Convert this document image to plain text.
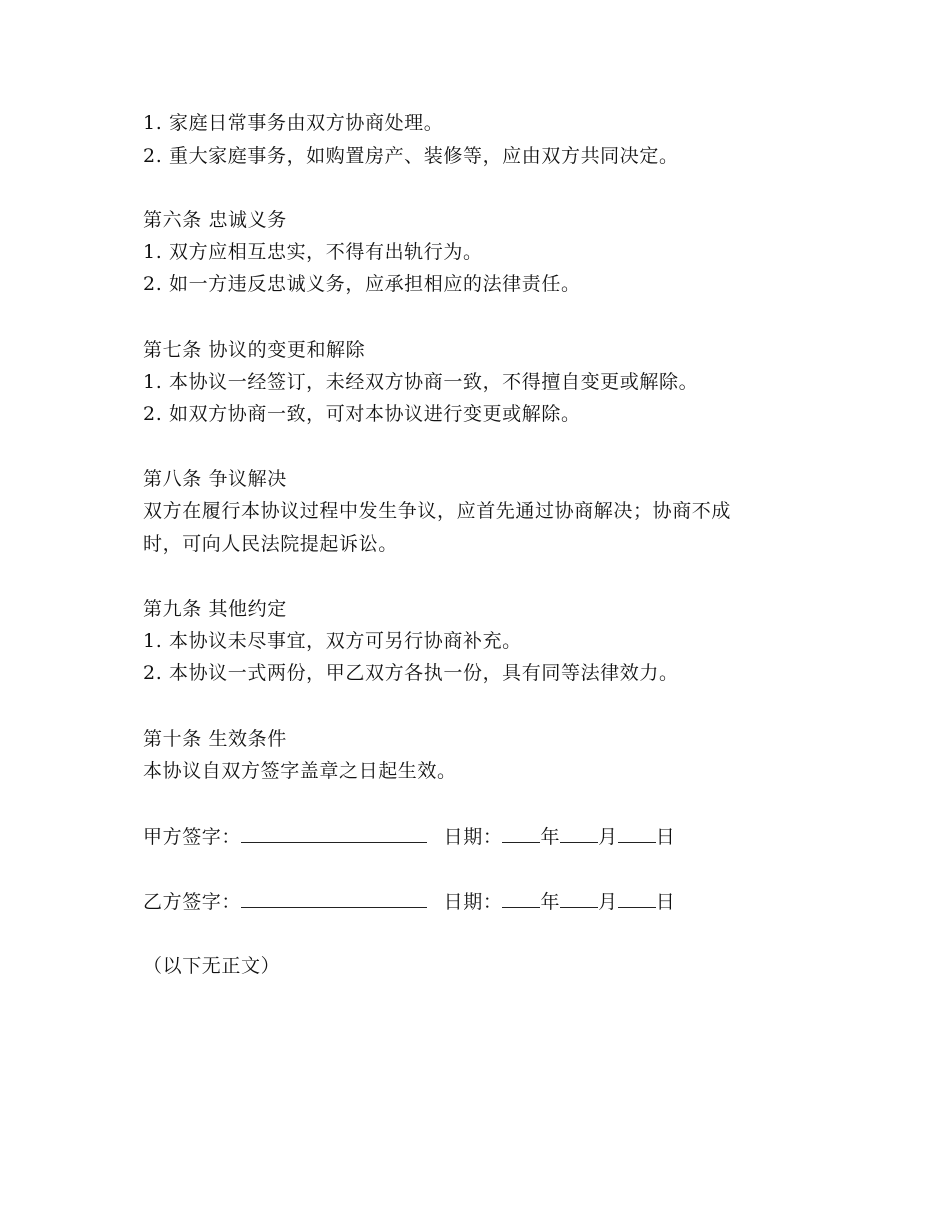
1. 家庭日常事务由双方协商处理。
2. 重大家庭事务，如购置房产、装修等，应由双方共同决定。
第六条 忠诚义务
1. 双方应相互忠实，不得有出轨行为。
2. 如一方违反忠诚义务，应承担相应的法律责任。
第七条 协议的变更和解除
1. 本协议一经签订，未经双方协商一致，不得擅自变更或解除。
2. 如双方协商一致，可对本协议进行变更或解除。
第八条 争议解决
双方在履行本协议过程中发生争议，应首先通过协商解决；协商不成
时，可向人民法院提起诉讼。
第九条 其他约定
1. 本协议未尽事宜，双方可另行协商补充。
2. 本协议一式两份，甲乙双方各执一份，具有同等法律效力。
第十条 生效条件
本协议自双方签字盖章之日起生效。
甲方签字：	日期： 年 月 日
乙方签字：	日期： 年 月 日
（以下无正文）
